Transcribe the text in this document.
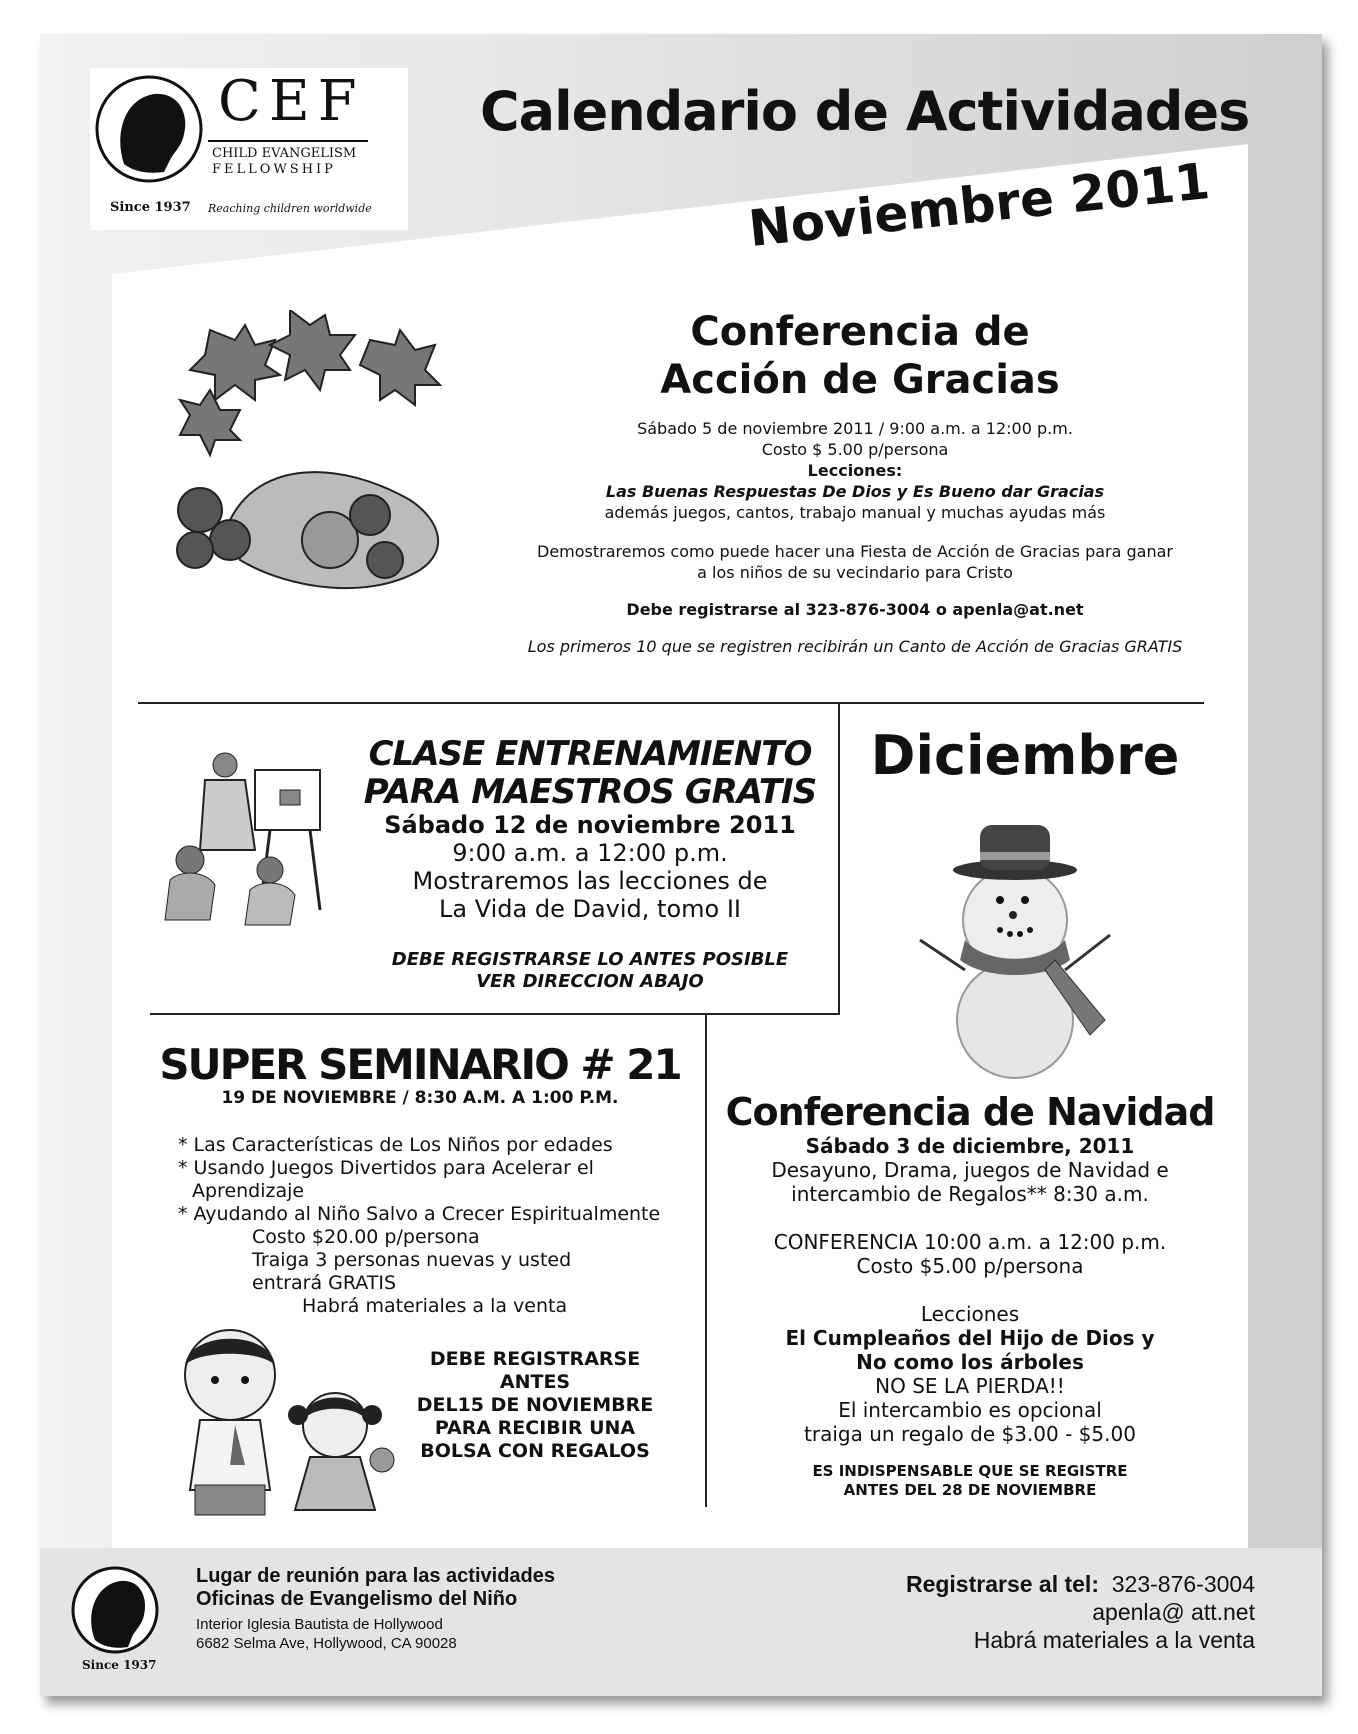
CEF
CHILD EVANGELISM
FELLOWSHIP
Since 1937 Reaching children worldwide
Calendario de Actividades
Noviembre 2011
Conferencia de
Acción de Gracias
Sábado 5 de noviembre 2011 / 9:00 a.m. a 12:00 p.m.
Costo $ 5.00 p/persona
Lecciones:
Las Buenas Respuestas De Dios y Es Bueno dar Gracias
además juegos, cantos, trabajo manual y muchas ayudas más
Demostraremos como puede hacer una Fiesta de Acción de Gracias para ganar
a los niños de su vecindario para Cristo
Debe registrarse al 323-876-3004 o apenla@at.net
Los primeros 10 que se registren recibirán un Canto de Acción de Gracias GRATIS
CLASE ENTRENAMIENTO
PARA MAESTROS GRATIS
Sábado 12 de noviembre 2011
9:00 a.m. a 12:00 p.m.
Mostraremos las lecciones de
La Vida de David, tomo II
DEBE REGISTRARSE LO ANTES POSIBLE
VER DIRECCION ABAJO
Diciembre
SUPER SEMINARIO # 21
19 DE NOVIEMBRE / 8:30 A.M. A 1:00 P.M.
* Las Características de Los Niños por edades
* Usando Juegos Divertidos para Acelerar el
Aprendizaje
* Ayudando al Niño Salvo a Crecer Espiritualmente
Costo $20.00 p/persona
Traiga 3 personas nuevas y usted
entrará GRATIS
Habrá materiales a la venta
DEBE REGISTRARSE ANTES
DEL15 DE NOVIEMBRE
PARA RECIBIR UNA
BOLSA CON REGALOS
Conferencia de Navidad
Sábado 3 de diciembre, 2011
Desayuno, Drama, juegos de Navidad e
intercambio de Regalos** 8:30 a.m.
CONFERENCIA 10:00 a.m. a 12:00 p.m.
Costo $5.00 p/persona
Lecciones
El Cumpleaños del Hijo de Dios y
No como los árboles
NO SE LA PIERDA!!
El intercambio es opcional
traiga un regalo de $3.00 - $5.00
ES INDISPENSABLE QUE SE REGISTRE
ANTES DEL 28 DE NOVIEMBRE
Since 1937
Lugar de reunión para las actividades
Oficinas de Evangelismo del Niño
Interior Iglesia Bautista de Hollywood
6682 Selma Ave, Hollywood, CA 90028
Registrarse al tel: 323-876-3004
apenla@ att.net
Habrá materiales a la venta
